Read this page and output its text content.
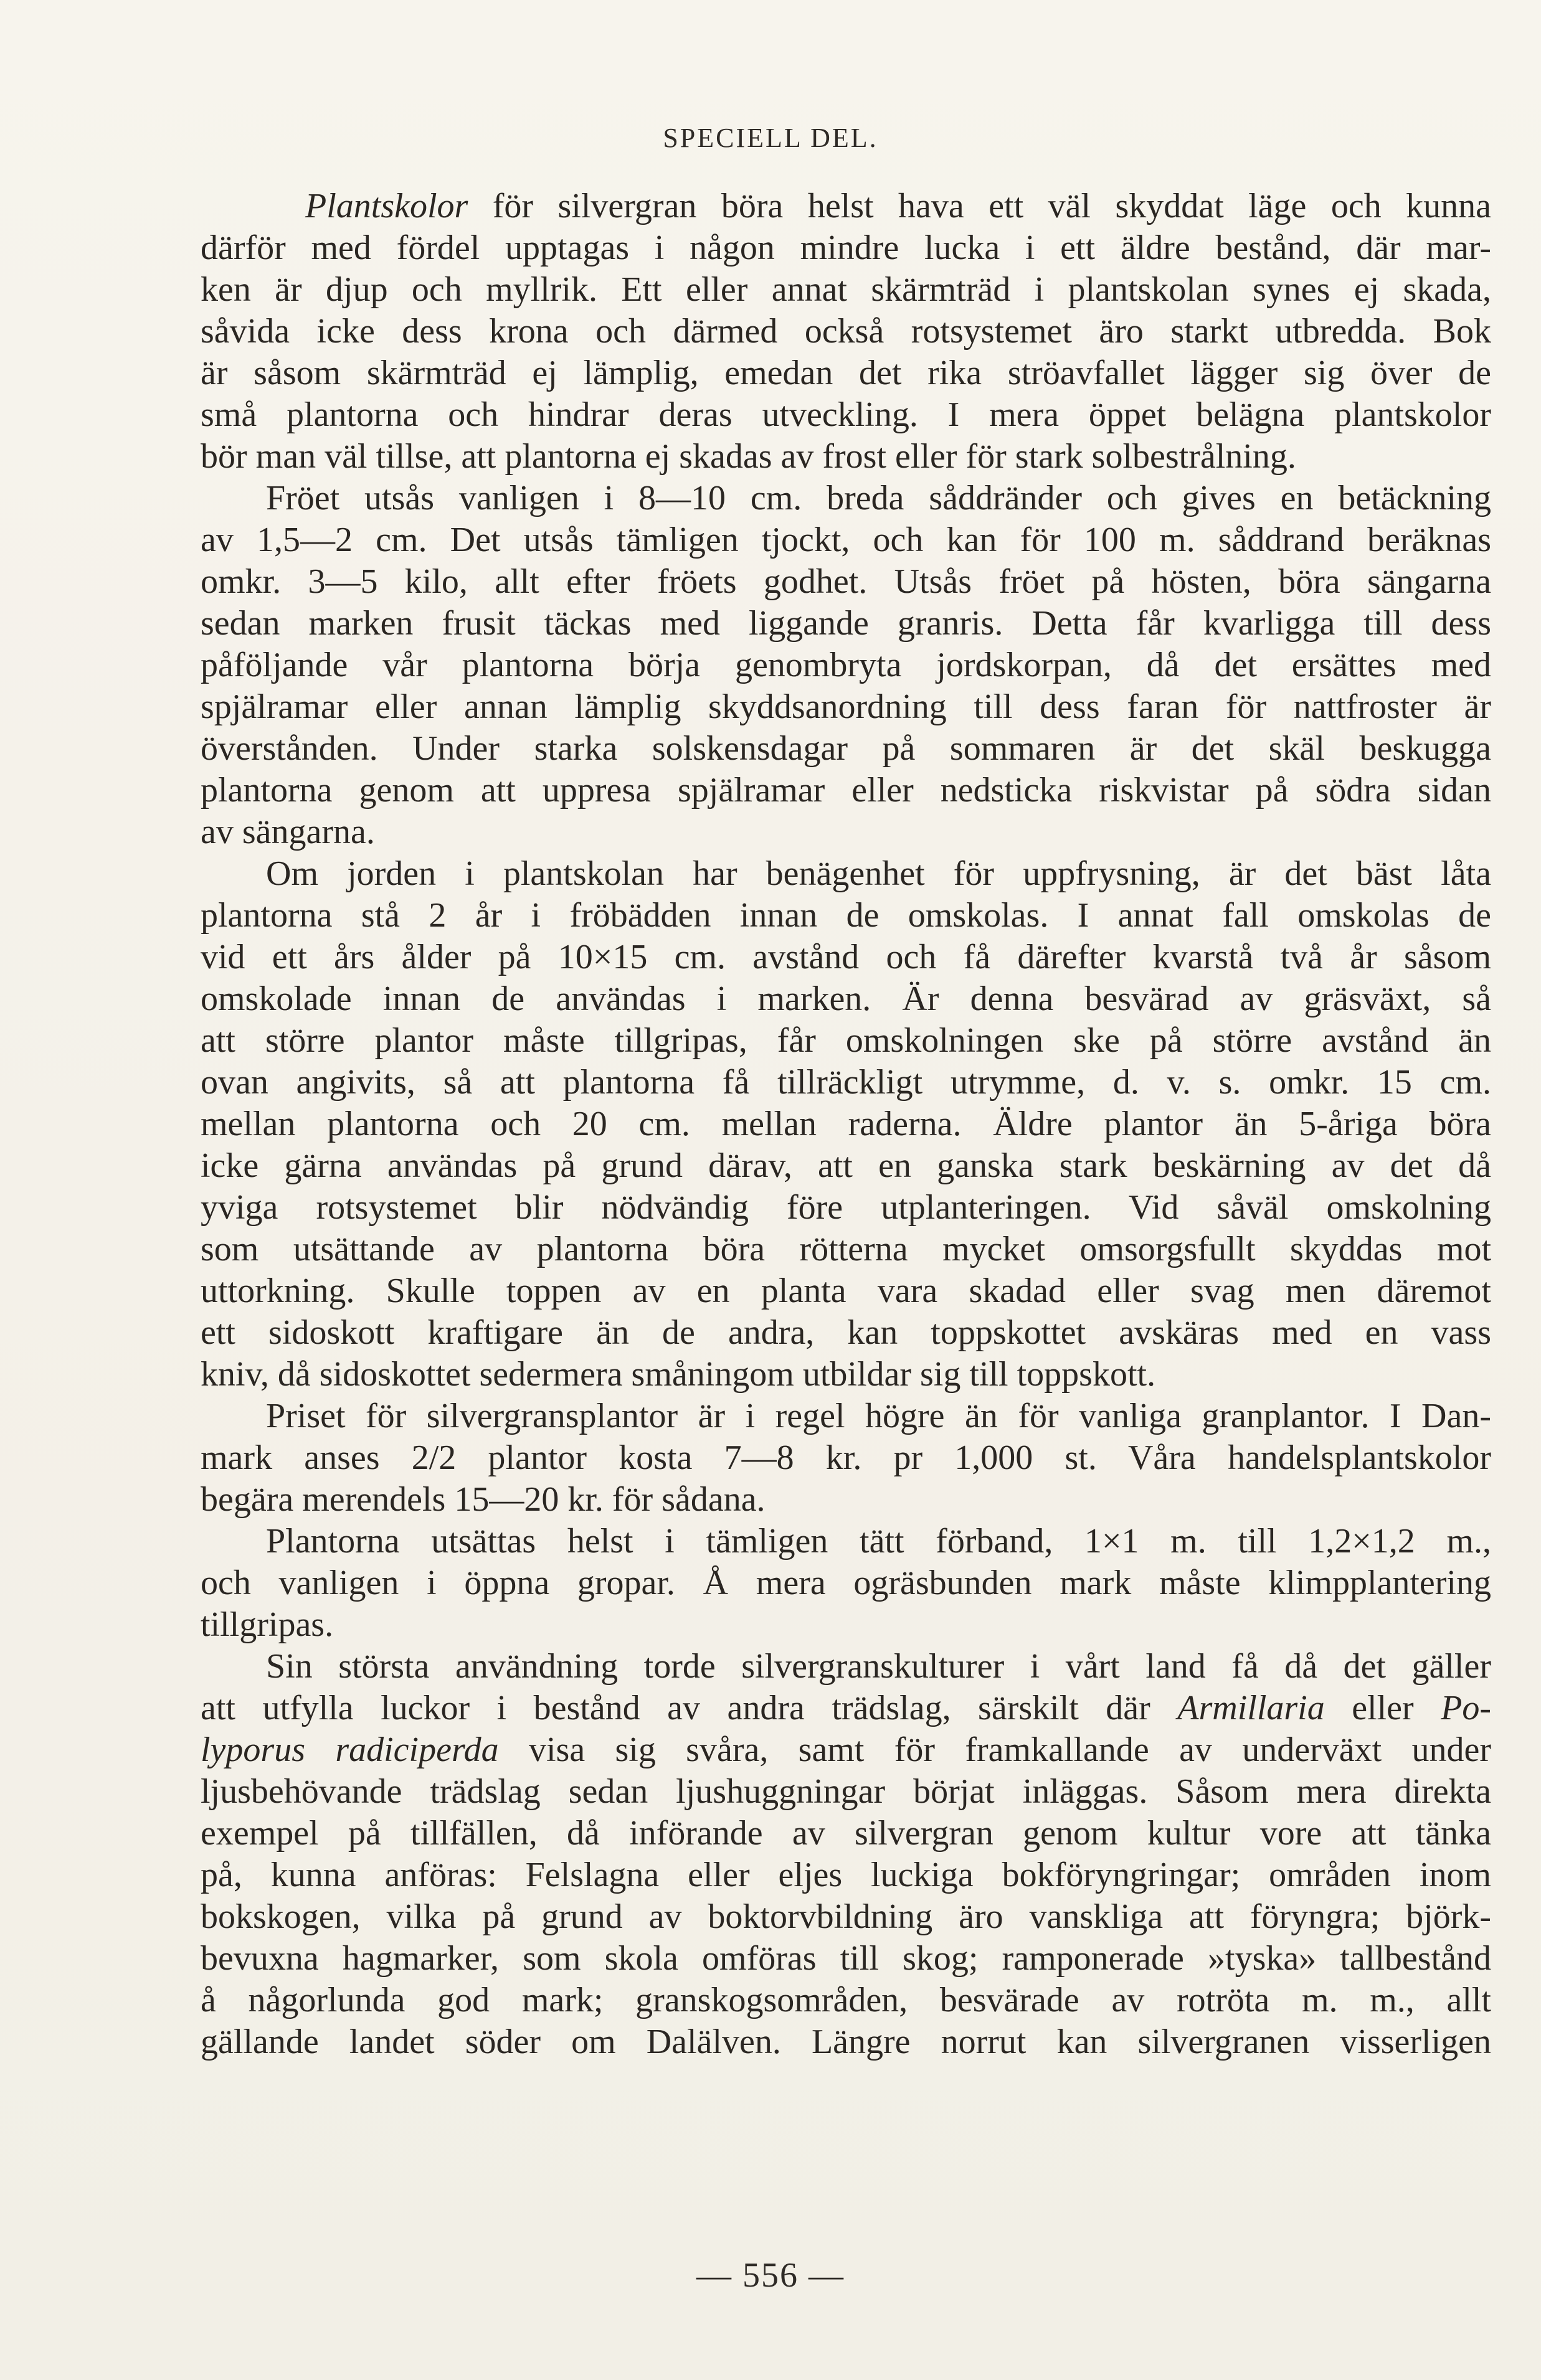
SPECIELL DEL.
Plantskolor för silvergran böra helst hava ett väl skyddat läge och kunna
därför med fördel upptagas i någon mindre lucka i ett äldre bestånd, där mar-
ken är djup och myllrik. Ett eller annat skärmträd i plantskolan synes ej skada,
såvida icke dess krona och därmed också rotsystemet äro starkt utbredda. Bok
är såsom skärmträd ej lämplig, emedan det rika ströavfallet lägger sig över de
små plantorna och hindrar deras utveckling. I mera öppet belägna plantskolor
bör man väl tillse, att plantorna ej skadas av frost eller för stark solbestrålning.
Fröet utsås vanligen i 8—10 cm. breda såddränder och gives en betäckning
av 1,5—2 cm. Det utsås tämligen tjockt, och kan för 100 m. såddrand beräknas
omkr. 3—5 kilo, allt efter fröets godhet. Utsås fröet på hösten, böra sängarna
sedan marken frusit täckas med liggande granris. Detta får kvarligga till dess
påföljande vår plantorna börja genombryta jordskorpan, då det ersättes med
spjälramar eller annan lämplig skyddsanordning till dess faran för nattfroster är
överstånden. Under starka solskensdagar på sommaren är det skäl beskugga
plantorna genom att uppresa spjälramar eller nedsticka riskvistar på södra sidan
av sängarna.
Om jorden i plantskolan har benägenhet för uppfrysning, är det bäst låta
plantorna stå 2 år i fröbädden innan de omskolas. I annat fall omskolas de
vid ett års ålder på 10×15 cm. avstånd och få därefter kvarstå två år såsom
omskolade innan de användas i marken. Är denna besvärad av gräsväxt, så
att större plantor måste tillgripas, får omskolningen ske på större avstånd än
ovan angivits, så att plantorna få tillräckligt utrymme, d. v. s. omkr. 15 cm.
mellan plantorna och 20 cm. mellan raderna. Äldre plantor än 5-åriga böra
icke gärna användas på grund därav, att en ganska stark beskärning av det då
yviga rotsystemet blir nödvändig före utplanteringen. Vid såväl omskolning
som utsättande av plantorna böra rötterna mycket omsorgsfullt skyddas mot
uttorkning. Skulle toppen av en planta vara skadad eller svag men däremot
ett sidoskott kraftigare än de andra, kan toppskottet avskäras med en vass
kniv, då sidoskottet sedermera småningom utbildar sig till toppskott.
Priset för silvergransplantor är i regel högre än för vanliga granplantor. I Dan-
mark anses 2/2 plantor kosta 7—8 kr. pr 1,000 st. Våra handelsplantskolor
begära merendels 15—20 kr. för sådana.
Plantorna utsättas helst i tämligen tätt förband, 1×1 m. till 1,2×1,2 m.,
och vanligen i öppna gropar. Å mera ogräsbunden mark måste klimpplantering
tillgripas.
Sin största användning torde silvergranskulturer i vårt land få då det gäller
att utfylla luckor i bestånd av andra trädslag, särskilt där Armillaria eller Po-
lyporus radiciperda visa sig svåra, samt för framkallande av underväxt under
ljusbehövande trädslag sedan ljushuggningar börjat inläggas. Såsom mera direkta
exempel på tillfällen, då införande av silvergran genom kultur vore att tänka
på, kunna anföras: Felslagna eller eljes luckiga bokföryngringar; områden inom
bokskogen, vilka på grund av boktorvbildning äro vanskliga att föryngra; björk-
bevuxna hagmarker, som skola omföras till skog; ramponerade »tyska» tallbestånd
å någorlunda god mark; granskogsområden, besvärade av rotröta m. m., allt
gällande landet söder om Dalälven. Längre norrut kan silvergranen visserligen
— 556 —
